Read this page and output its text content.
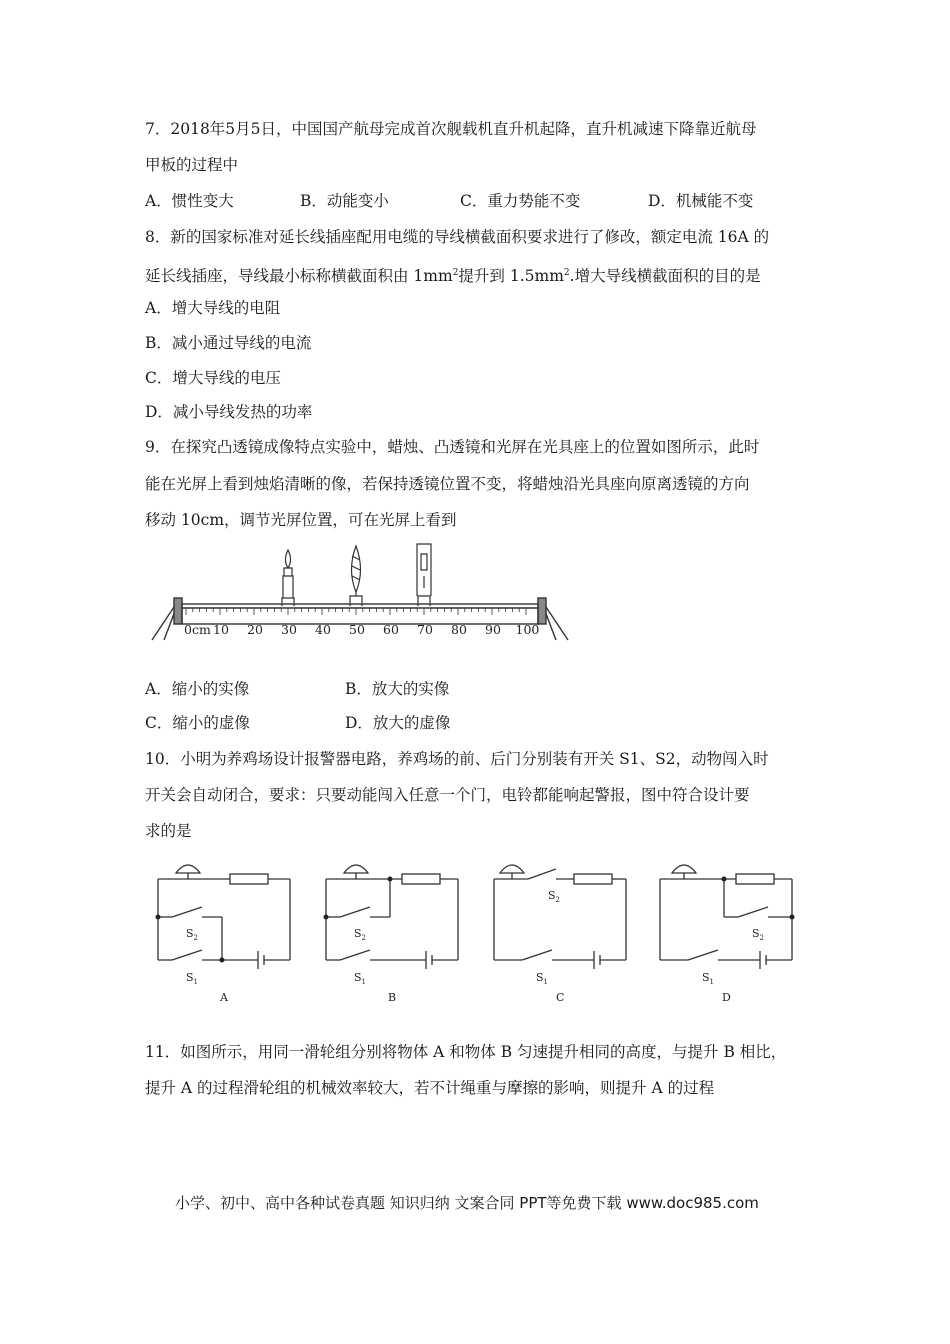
7．2018年5月5日，中国国产航母完成首次舰载机直升机起降，直升机减速下降靠近航母
甲板的过程中
A．惯性变大	B．动能变小	C．重力势能不变	D．机械能不变
8．新的国家标准对延长线插座配用电缆的导线横截面积要求进行了修改，额定电流 16A 的
延长线插座，导线最小标称横截面积由 $1mm^2$提升到 $1.5mm^2$.增大导线横截面积的目的是
A．增大导线的电阻
B．减小通过导线的电流
C．增大导线的电压
D．减小导线发热的功率
9．在探究凸透镜成像特点实验中，蜡烛、凸透镜和光屏在光具座上的位置如图所示，此时
能在光屏上看到烛焰清晰的像，若保持透镜位置不变，将蜡烛沿光具座向原离透镜的方向
移动 10cm，调节光屏位置，可在光屏上看到
0cm 10 20 30 40 50 60 70 80 90 100
A．缩小的实像	B．放大的实像
C．缩小的虚像	D．放大的虚像
10．小明为养鸡场设计报警器电路，养鸡场的前、后门分别装有开关 S1、S2，动物闯入时
开关会自动闭合，要求：只要动能闯入任意一个门，电铃都能响起警报，图中符合设计要
求的是
$S_2$
$S_1$
A
$S_2$
$S_1$
B
$S_2$
$S_1$
C
$S_2$
$S_1$
D
11．如图所示，用同一滑轮组分别将物体 A 和物体 B 匀速提升相同的高度，与提升 B 相比，
提升 A 的过程滑轮组的机械效率较大，若不计绳重与摩擦的影响，则提升 A 的过程
小学、初中、高中各种试卷真题 知识归纳 文案合同 PPT等免费下载 www.doc985.com
